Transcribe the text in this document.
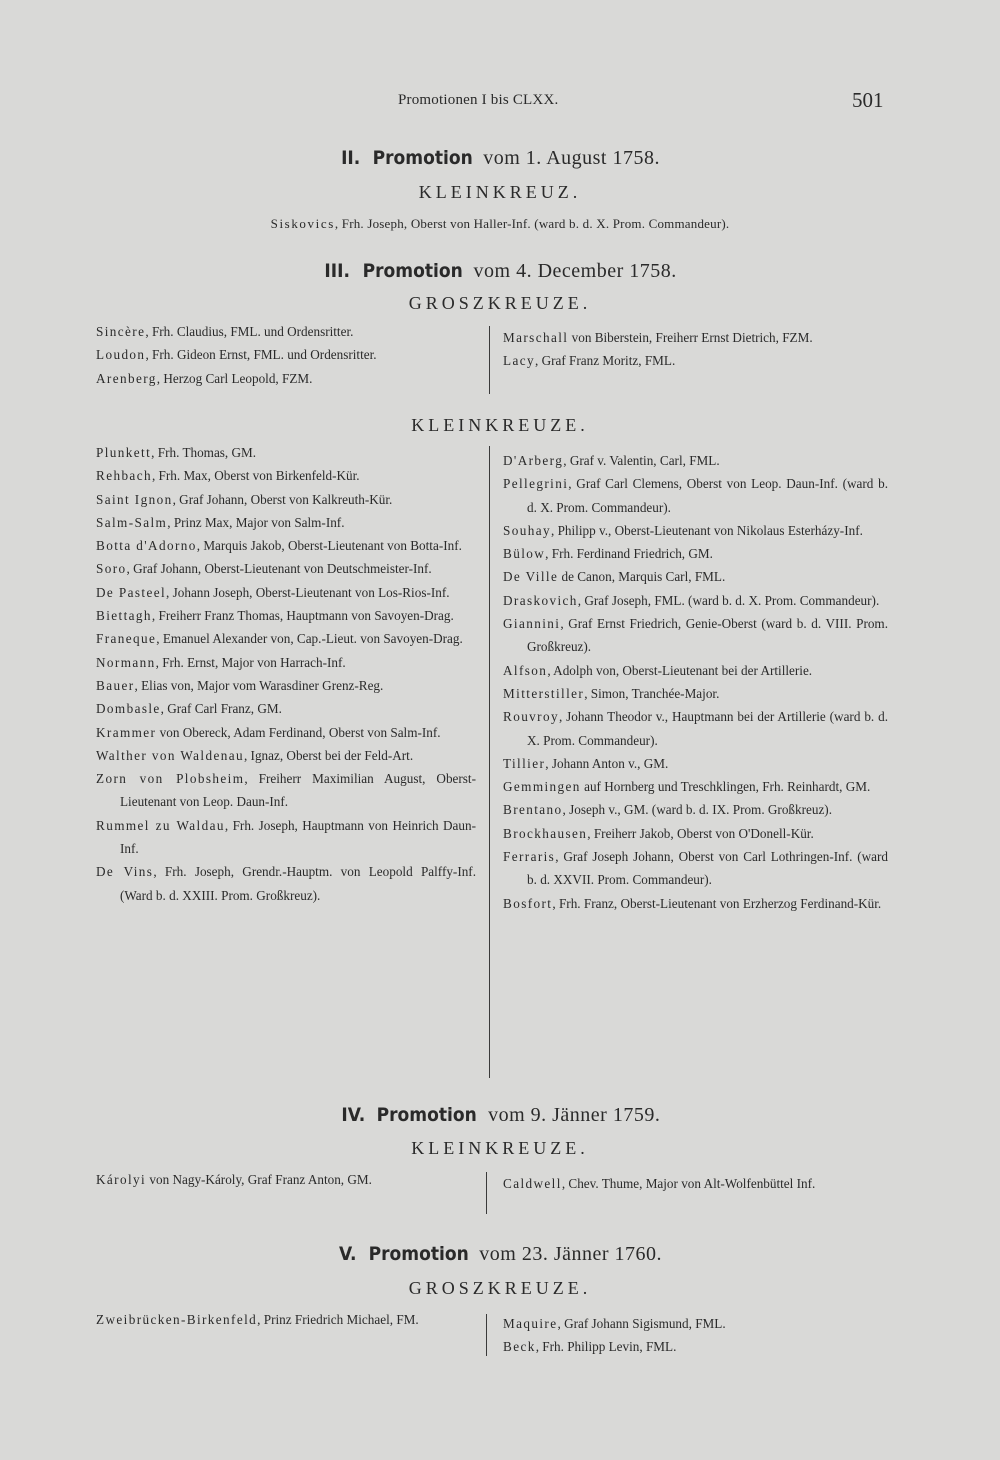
Promotionen I bis CLXX.	501
II. Promotion vom 1. August 1758.
KLEINKREUZ.
Siskovics, Frh. Joseph, Oberst von Haller-Inf. (ward b. d. X. Prom. Commandeur).
III. Promotion vom 4. December 1758.
GROSZKREUZE.
Sincère, Frh. Claudius, FML. und Ordensritter.
Loudon, Frh. Gideon Ernst, FML. und Ordensritter.
Arenberg, Herzog Carl Leopold, FZM.
Marschall von Biberstein, Freiherr Ernst Dietrich, FZM.
Lacy, Graf Franz Moritz, FML.
KLEINKREUZE.
Plunkett, Frh. Thomas, GM.
Rehbach, Frh. Max, Oberst von Birkenfeld-Kür.
Saint Ignon, Graf Johann, Oberst von Kalkreuth-Kür.
Salm-Salm, Prinz Max, Major von Salm-Inf.
Botta d'Adorno, Marquis Jakob, Oberst-Lieutenant von Botta-Inf.
Soro, Graf Johann, Oberst-Lieutenant von Deutschmeister-Inf.
De Pasteel, Johann Joseph, Oberst-Lieutenant von Los-Rios-Inf.
Biettagh, Freiherr Franz Thomas, Hauptmann von Savoyen-Drag.
Franeque, Emanuel Alexander von, Cap.-Lieut. von Savoyen-Drag.
Normann, Frh. Ernst, Major von Harrach-Inf.
Bauer, Elias von, Major vom Warasdiner Grenz-Reg.
Dombasle, Graf Carl Franz, GM.
Krammer von Obereck, Adam Ferdinand, Oberst von Salm-Inf.
Walther von Waldenau, Ignaz, Oberst bei der Feld-Art.
Zorn von Plobsheim, Freiherr Maximilian August, Oberst-Lieutenant von Leop. Daun-Inf.
Rummel zu Waldau, Frh. Joseph, Hauptmann von Heinrich Daun-Inf.
De Vins, Frh. Joseph, Grendr.-Hauptm. von Leopold Palffy-Inf. (Ward b. d. XXIII. Prom. Großkreuz).
D'Arberg, Graf v. Valentin, Carl, FML.
Pellegrini, Graf Carl Clemens, Oberst von Leop. Daun-Inf. (ward b. d. X. Prom. Commandeur).
Souhay, Philipp v., Oberst-Lieutenant von Nikolaus Esterházy-Inf.
Bülow, Frh. Ferdinand Friedrich, GM.
De Ville de Canon, Marquis Carl, FML.
Draskovich, Graf Joseph, FML. (ward b. d. X. Prom. Commandeur).
Giannini, Graf Ernst Friedrich, Genie-Oberst (ward b. d. VIII. Prom. Großkreuz).
Alfson, Adolph von, Oberst-Lieutenant bei der Artillerie.
Mitterstiller, Simon, Tranchée-Major.
Rouvroy, Johann Theodor v., Hauptmann bei der Artillerie (ward b. d. X. Prom. Commandeur).
Tillier, Johann Anton v., GM.
Gemmingen auf Hornberg und Treschklingen, Frh. Reinhardt, GM.
Brentano, Joseph v., GM. (ward b. d. IX. Prom. Großkreuz).
Brockhausen, Freiherr Jakob, Oberst von O'Donell-Kür.
Ferraris, Graf Joseph Johann, Oberst von Carl Lothringen-Inf. (ward b. d. XXVII. Prom. Commandeur).
Bosfort, Frh. Franz, Oberst-Lieutenant von Erzherzog Ferdinand-Kür.
IV. Promotion vom 9. Jänner 1759.
KLEINKREUZE.
Károlyi von Nagy-Károly, Graf Franz Anton, GM.	Caldwell, Chev. Thume, Major von Alt-Wolfenbüttel Inf.
V. Promotion vom 23. Jänner 1760.
GROSZKREUZE.
Zweibrücken-Birkenfeld, Prinz Friedrich Michael, FM.	Maquire, Graf Johann Sigismund, FML.
Beck, Frh. Philipp Levin, FML.
